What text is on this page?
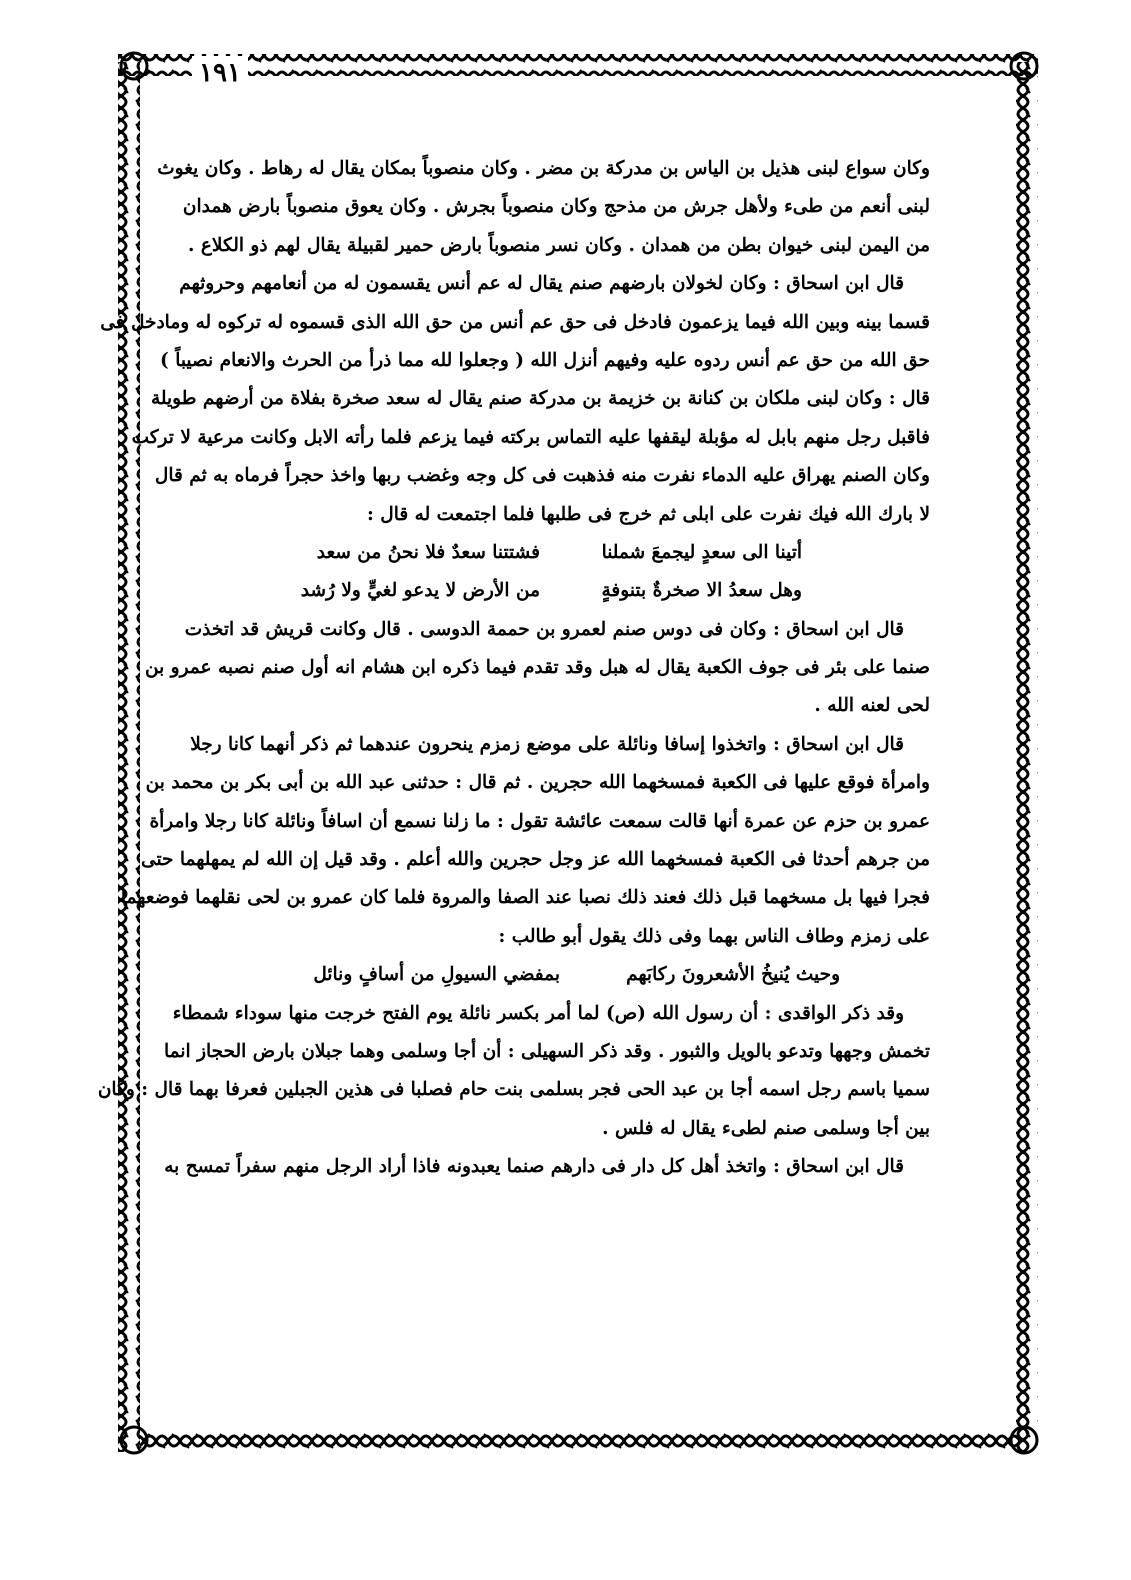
١٩١
وكان سواع لبنى هذيل بن الياس بن مدركة بن مضر . وكان منصوباً بمكان يقال له رهاط . وكان يغوث
لبنى أنعم من طىء ولأهل جرش من مذحج وكان منصوباً بجرش . وكان يعوق منصوباً بارض همدان
من اليمن لبنى خيوان بطن من همدان . وكان نسر منصوباً بارض حمير لقبيلة يقال لهم ذو الكلاع .
قال ابن اسحاق : وكان لخولان بارضهم صنم يقال له عم أنس يقسمون له من أنعامهم وحروثهم
قسما بينه وبين الله فيما يزعمون فادخل فى حق عم أنس من حق الله الذى قسموه له تركوه له ومادخل فى
حق الله من حق عم أنس ردوه عليه وفيهم أنزل الله ( وجعلوا لله مما ذرأ من الحرث والانعام نصيباً )
قال : وكان لبنى ملكان بن كنانة بن خزيمة بن مدركة صنم يقال له سعد صخرة بفلاة من أرضهم طويلة
فاقبل رجل منهم بابل له مؤبلة ليقفها عليه التماس بركته فيما يزعم فلما رأته الابل وكانت مرعية لا تركب
وكان الصنم يهراق عليه الدماء نفرت منه فذهبت فى كل وجه وغضب ربها واخذ حجراً فرماه به ثم قال
لا بارك الله فيك نفرت على ابلى ثم خرج فى طلبها فلما اجتمعت له قال :
أتينا الى سعدٍ ليجمعَ شملنا
فشتتنا سعدٌ فلا نحنُ من سعد
وهل سعدُ الا صخرةٌ بتنوفةٍ
من الأرض لا يدعو لغيٍّ ولا رُشد
قال ابن اسحاق : وكان فى دوس صنم لعمرو بن حممة الدوسى . قال وكانت قريش قد اتخذت
صنما على بئر فى جوف الكعبة يقال له هبل وقد تقدم فيما ذكره ابن هشام انه أول صنم نصبه عمرو بن
لحى لعنه الله .
قال ابن اسحاق : واتخذوا إسافا ونائلة على موضع زمزم ينحرون عندهما ثم ذكر أنهما كانا رجلا
وامرأة فوقع عليها فى الكعبة فمسخهما الله حجرين . ثم قال : حدثنى عبد الله بن أبى بكر بن محمد بن
عمرو بن حزم عن عمرة أنها قالت سمعت عائشة تقول : ما زلنا نسمع أن اسافاً ونائلة كانا رجلا وامرأة
من جرهم أحدثا فى الكعبة فمسخهما الله عز وجل حجرين والله أعلم . وقد قيل إن الله لم يمهلهما حتى
فجرا فيها بل مسخهما قبل ذلك فعند ذلك نصبا عند الصفا والمروة فلما كان عمرو بن لحى نقلهما فوضعهما
على زمزم وطاف الناس بهما وفى ذلك يقول أبو طالب :
وحيث يُنيخُ الأشعرونَ ركابَهم
بمفضي السيولِ من أسافٍ ونائل
وقد ذكر الواقدى : أن رسول الله (ص) لما أمر بكسر نائلة يوم الفتح خرجت منها سوداء شمطاء
تخمش وجهها وتدعو بالويل والثبور . وقد ذكر السهيلى : أن أجا وسلمى وهما جبلان بارض الحجاز انما
سميا باسم رجل اسمه أجا بن عبد الحى فجر بسلمى بنت حام فصلبا فى هذين الجبلين فعرفا بهما قال : وكان
بين أجا وسلمى صنم لطىء يقال له فلس .
قال ابن اسحاق : واتخذ أهل كل دار فى دارهم صنما يعبدونه فاذا أراد الرجل منهم سفراً تمسح به
